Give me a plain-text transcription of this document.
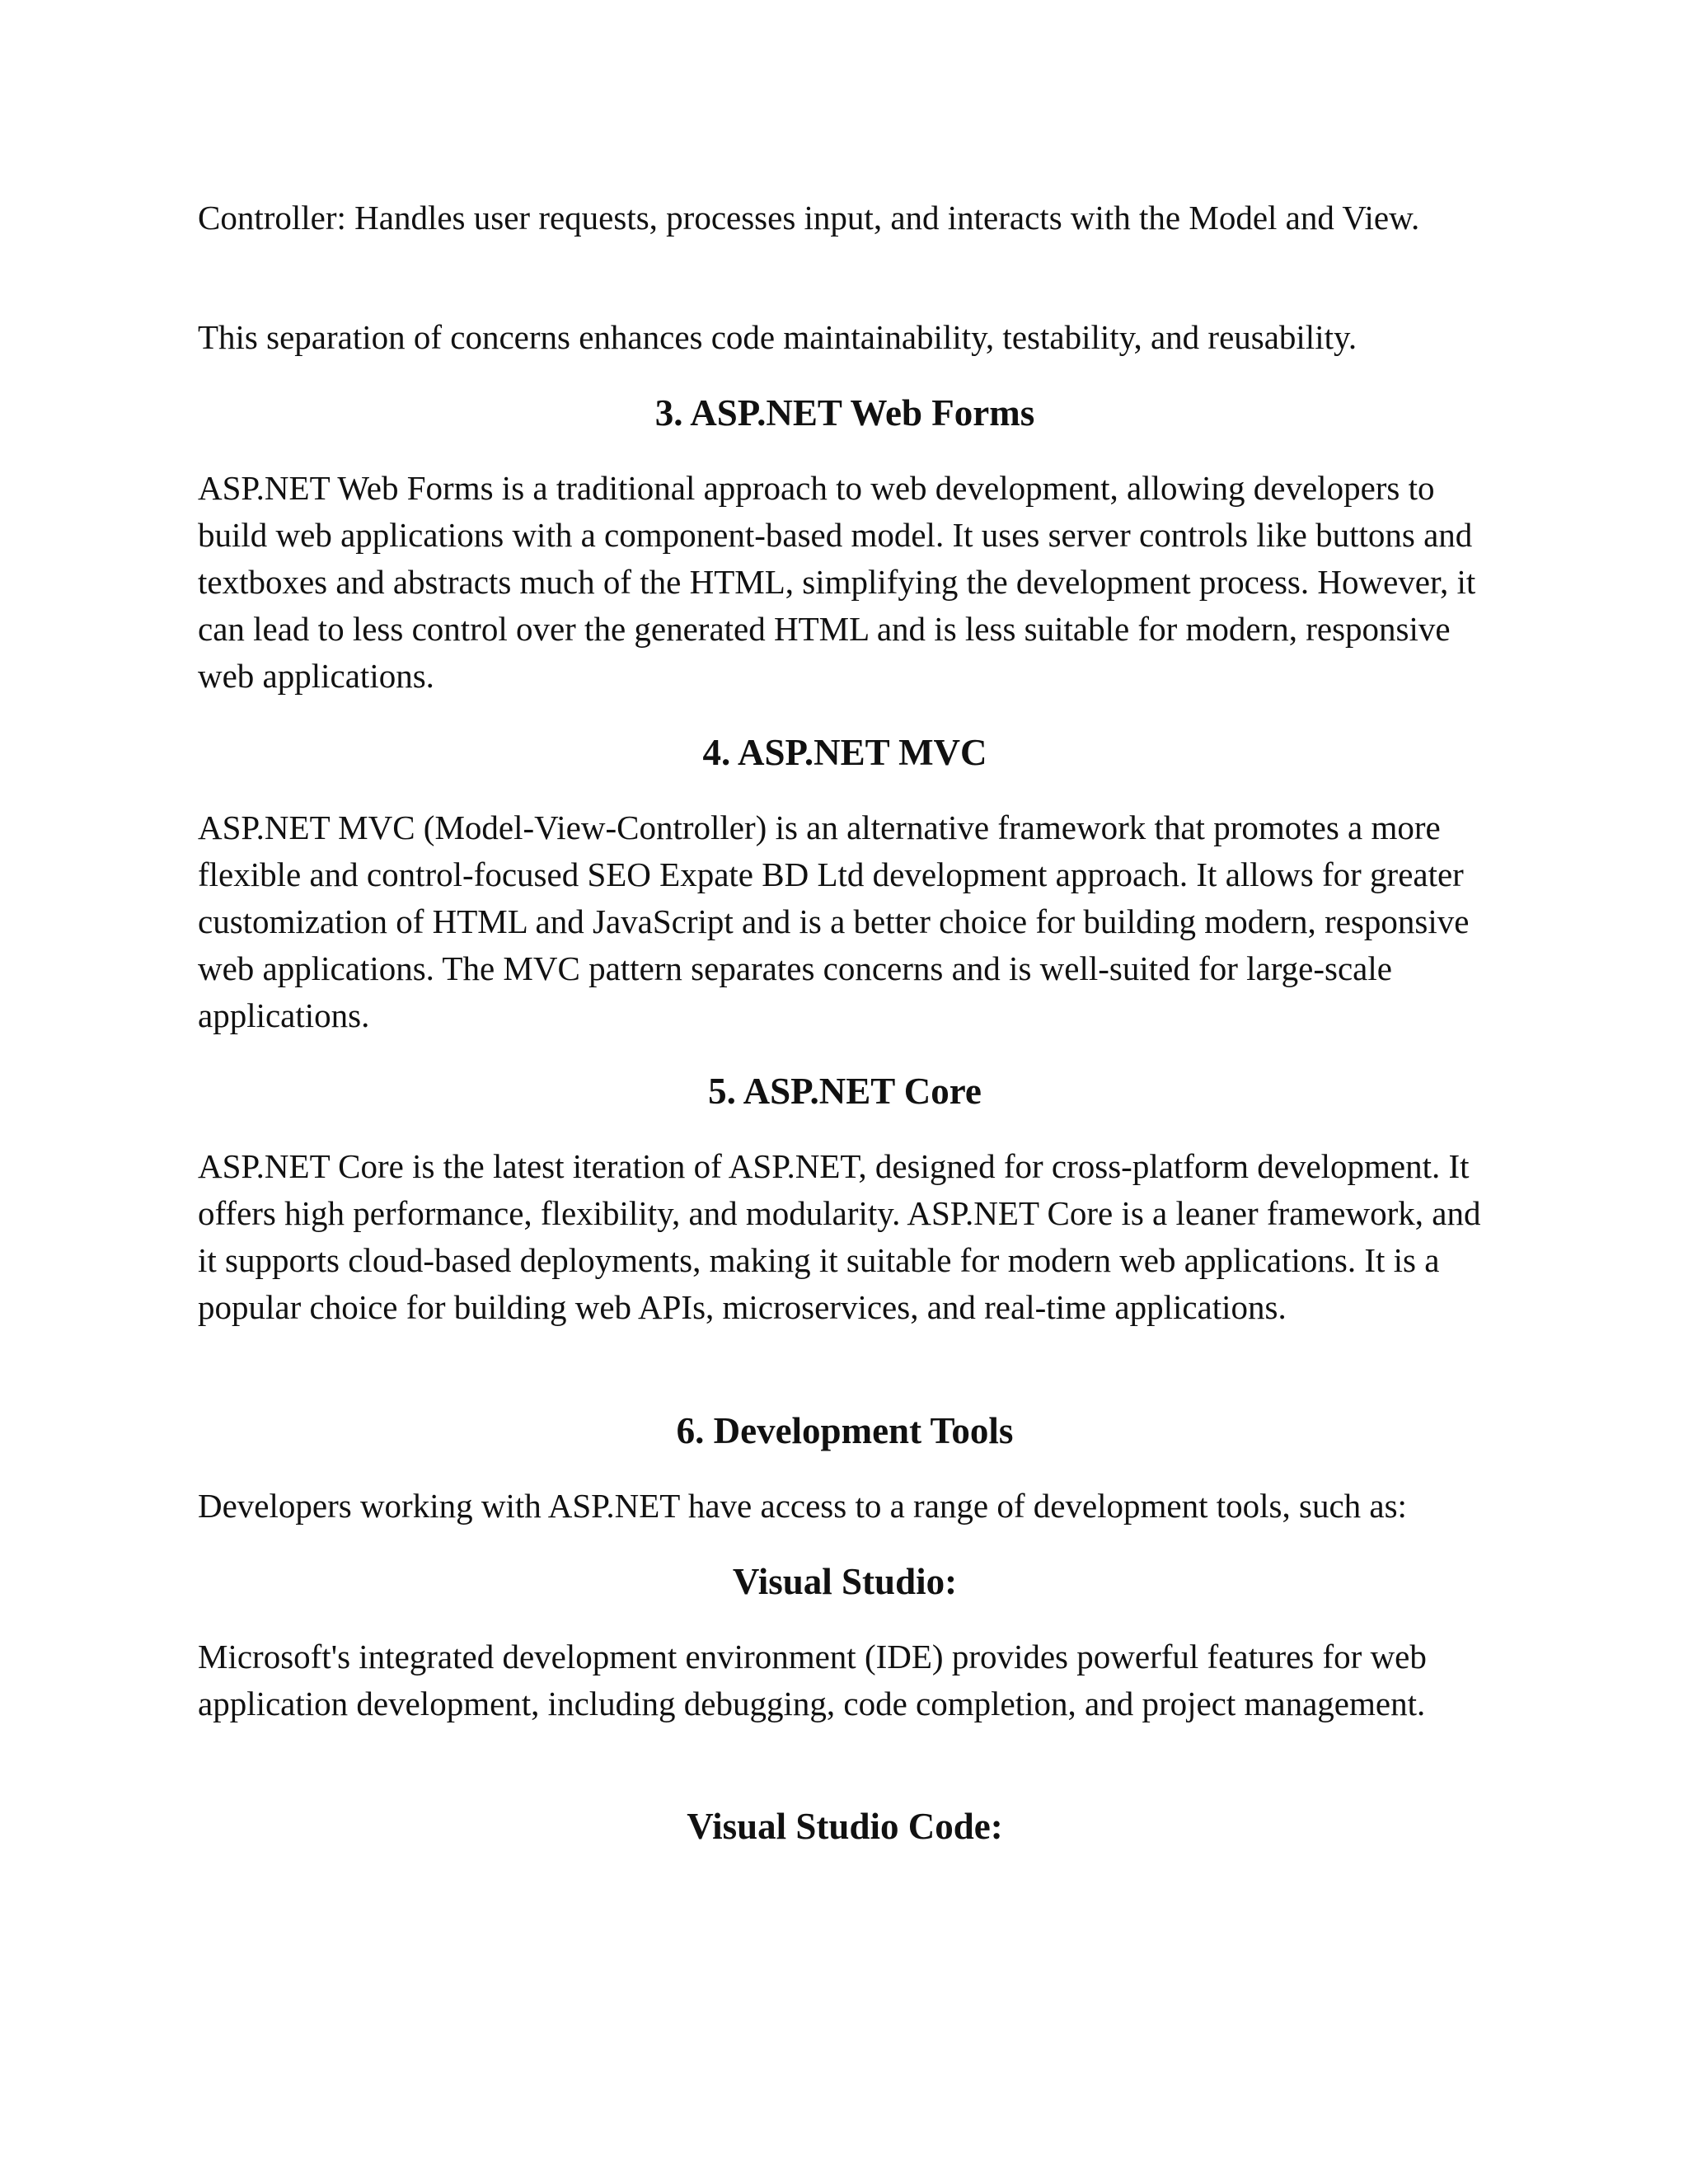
Controller: Handles user requests, processes input, and interacts with the Model and View.

This separation of concerns enhances code maintainability, testability, and reusability.

3. ASP.NET Web Forms

ASP.NET Web Forms is a traditional approach to web development, allowing developers to build web applications with a component-based model. It uses server controls like buttons and textboxes and abstracts much of the HTML, simplifying the development process. However, it can lead to less control over the generated HTML and is less suitable for modern, responsive web applications.

4. ASP.NET MVC

ASP.NET MVC (Model-View-Controller) is an alternative framework that promotes a more flexible and control-focused SEO Expate BD Ltd development approach. It allows for greater customization of HTML and JavaScript and is a better choice for building modern, responsive web applications. The MVC pattern separates concerns and is well-suited for large-scale applications.

5. ASP.NET Core

ASP.NET Core is the latest iteration of ASP.NET, designed for cross-platform development. It offers high performance, flexibility, and modularity. ASP.NET Core is a leaner framework, and it supports cloud-based deployments, making it suitable for modern web applications. It is a popular choice for building web APIs, microservices, and real-time applications.

6. Development Tools

Developers working with ASP.NET have access to a range of development tools, such as:

Visual Studio:

Microsoft's integrated development environment (IDE) provides powerful features for web application development, including debugging, code completion, and project management.

Visual Studio Code:
